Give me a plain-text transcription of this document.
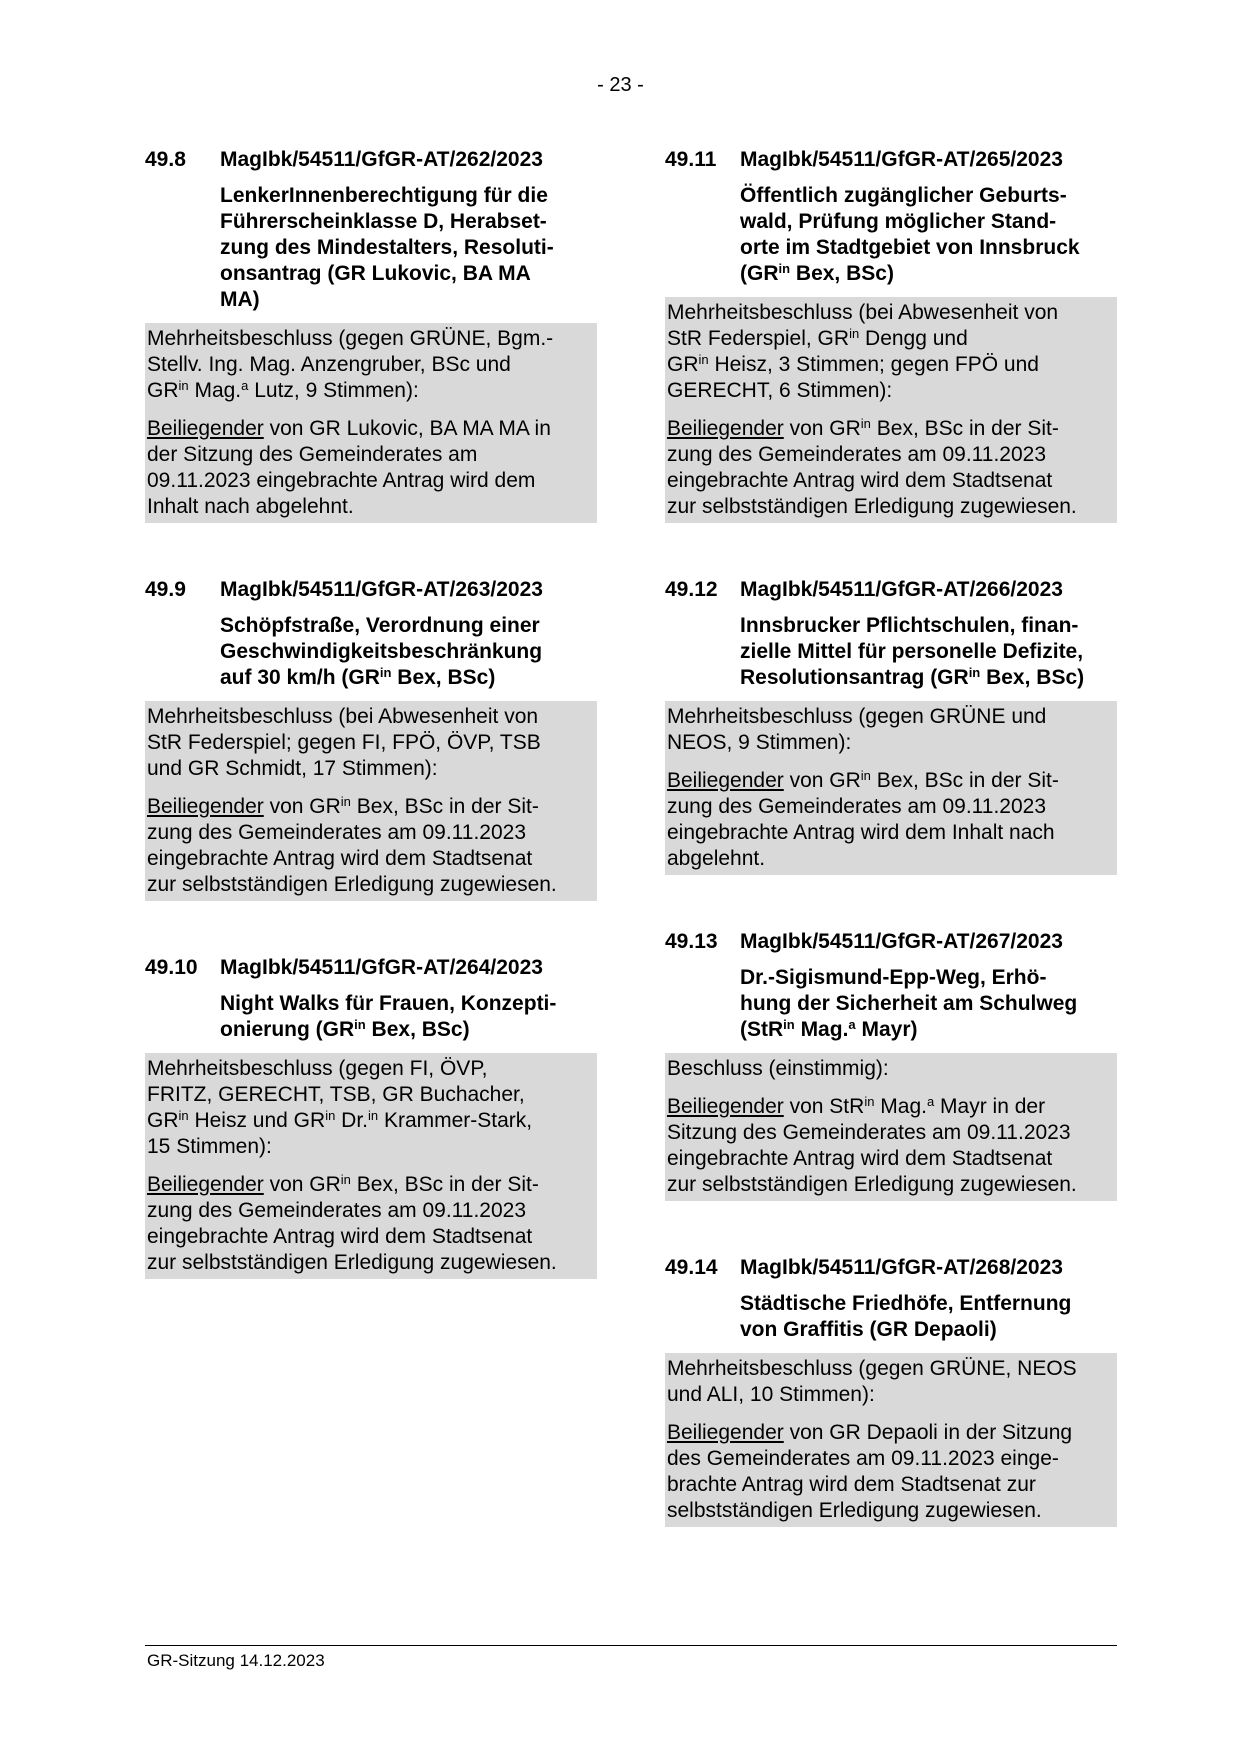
- 23 -
49.8	MagIbk/54511/GfGR-AT/262/2023
LenkerInnenberechtigung für die
Führerscheinklasse D, Herabset-
zung des Mindestalters, Resoluti-
onsantrag (GR Lukovic, BA MA
MA)

Mehrheitsbeschluss (gegen GRÜNE, Bgm.-
Stellv. Ing. Mag. Anzengruber, BSc und
$GR^{in}$ Mag.$^a$ Lutz, 9 Stimmen):

Beiliegender von GR Lukovic, BA MA MA in
der Sitzung des Gemeinderates am
09.11.2023 eingebrachte Antrag wird dem
Inhalt nach abgelehnt.

49.9	MagIbk/54511/GfGR-AT/263/2023
Schöpfstraße, Verordnung einer
Geschwindigkeitsbeschränkung
auf 30 km/h ($GR^{in}$ Bex, BSc)

Mehrheitsbeschluss (bei Abwesenheit von
StR Federspiel; gegen FI, FPÖ, ÖVP, TSB
und GR Schmidt, 17 Stimmen):

Beiliegender von $GR^{in}$ Bex, BSc in der Sit-
zung des Gemeinderates am 09.11.2023
eingebrachte Antrag wird dem Stadtsenat
zur selbstständigen Erledigung zugewiesen.

49.10	MagIbk/54511/GfGR-AT/264/2023
Night Walks für Frauen, Konzepti-
onierung ($GR^{in}$ Bex, BSc)

Mehrheitsbeschluss (gegen FI, ÖVP,
FRITZ, GERECHT, TSB, GR Buchacher,
$GR^{in}$ Heisz und $GR^{in}$ Dr.$^{in}$ Krammer-Stark,
15 Stimmen):

Beiliegender von $GR^{in}$ Bex, BSc in der Sit-
zung des Gemeinderates am 09.11.2023
eingebrachte Antrag wird dem Stadtsenat
zur selbstständigen Erledigung zugewiesen.

49.11	MagIbk/54511/GfGR-AT/265/2023
Öffentlich zugänglicher Geburts-
wald, Prüfung möglicher Stand-
orte im Stadtgebiet von Innsbruck
($GR^{in}$ Bex, BSc)

Mehrheitsbeschluss (bei Abwesenheit von
StR Federspiel, $GR^{in}$ Dengg und
$GR^{in}$ Heisz, 3 Stimmen; gegen FPÖ und
GERECHT, 6 Stimmen):

Beiliegender von $GR^{in}$ Bex, BSc in der Sit-
zung des Gemeinderates am 09.11.2023
eingebrachte Antrag wird dem Stadtsenat
zur selbstständigen Erledigung zugewiesen.

49.12	MagIbk/54511/GfGR-AT/266/2023
Innsbrucker Pflichtschulen, finan-
zielle Mittel für personelle Defizite,
Resolutionsantrag ($GR^{in}$ Bex, BSc)

Mehrheitsbeschluss (gegen GRÜNE und
NEOS, 9 Stimmen):

Beiliegender von $GR^{in}$ Bex, BSc in der Sit-
zung des Gemeinderates am 09.11.2023
eingebrachte Antrag wird dem Inhalt nach
abgelehnt.

49.13	MagIbk/54511/GfGR-AT/267/2023
Dr.-Sigismund-Epp-Weg, Erhö-
hung der Sicherheit am Schulweg
(StR$^{in}$ Mag.$^a$ Mayr)

Beschluss (einstimmig):

Beiliegender von StR$^{in}$ Mag.$^a$ Mayr in der
Sitzung des Gemeinderates am 09.11.2023
eingebrachte Antrag wird dem Stadtsenat
zur selbstständigen Erledigung zugewiesen.

49.14	MagIbk/54511/GfGR-AT/268/2023
Städtische Friedhöfe, Entfernung
von Graffitis (GR Depaoli)

Mehrheitsbeschluss (gegen GRÜNE, NEOS
und ALI, 10 Stimmen):

Beiliegender von GR Depaoli in der Sitzung
des Gemeinderates am 09.11.2023 einge-
brachte Antrag wird dem Stadtsenat zur
selbstständigen Erledigung zugewiesen.

GR-Sitzung 14.12.2023
